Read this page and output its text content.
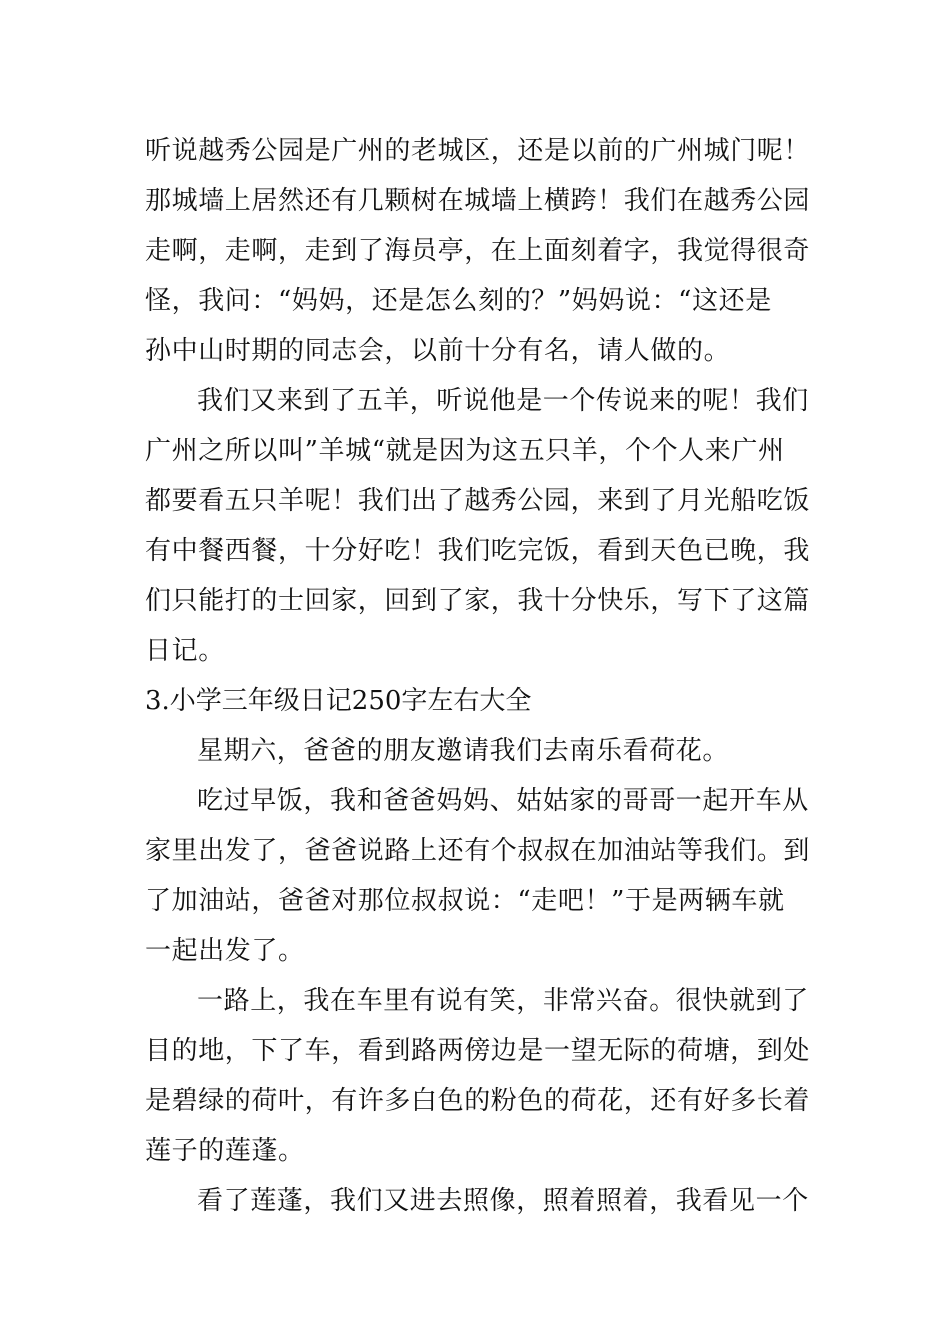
听说越秀公园是广州的老城区，还是以前的广州城门呢！
那城墙上居然还有几颗树在城墙上横跨！我们在越秀公园
走啊，走啊，走到了海员亭，在上面刻着字，我觉得很奇
怪，我问：“妈妈，还是怎么刻的？”妈妈说：“这还是
孙中山时期的同志会，以前十分有名，请人做的。
我们又来到了五羊，听说他是一个传说来的呢！我们
广州之所以叫”羊城“就是因为这五只羊，个个人来广州
都要看五只羊呢！我们出了越秀公园，来到了月光船吃饭
有中餐西餐，十分好吃！我们吃完饭，看到天色已晚，我
们只能打的士回家，回到了家，我十分快乐，写下了这篇
日记。
3.小学三年级日记250字左右大全
星期六，爸爸的朋友邀请我们去南乐看荷花。
吃过早饭，我和爸爸妈妈、姑姑家的哥哥一起开车从
家里出发了，爸爸说路上还有个叔叔在加油站等我们。到
了加油站，爸爸对那位叔叔说：“走吧！”于是两辆车就
一起出发了。
一路上，我在车里有说有笑，非常兴奋。很快就到了
目的地，下了车，看到路两傍边是一望无际的荷塘，到处
是碧绿的荷叶，有许多白色的粉色的荷花，还有好多长着
莲子的莲蓬。
看了莲蓬，我们又进去照像，照着照着，我看见一个
